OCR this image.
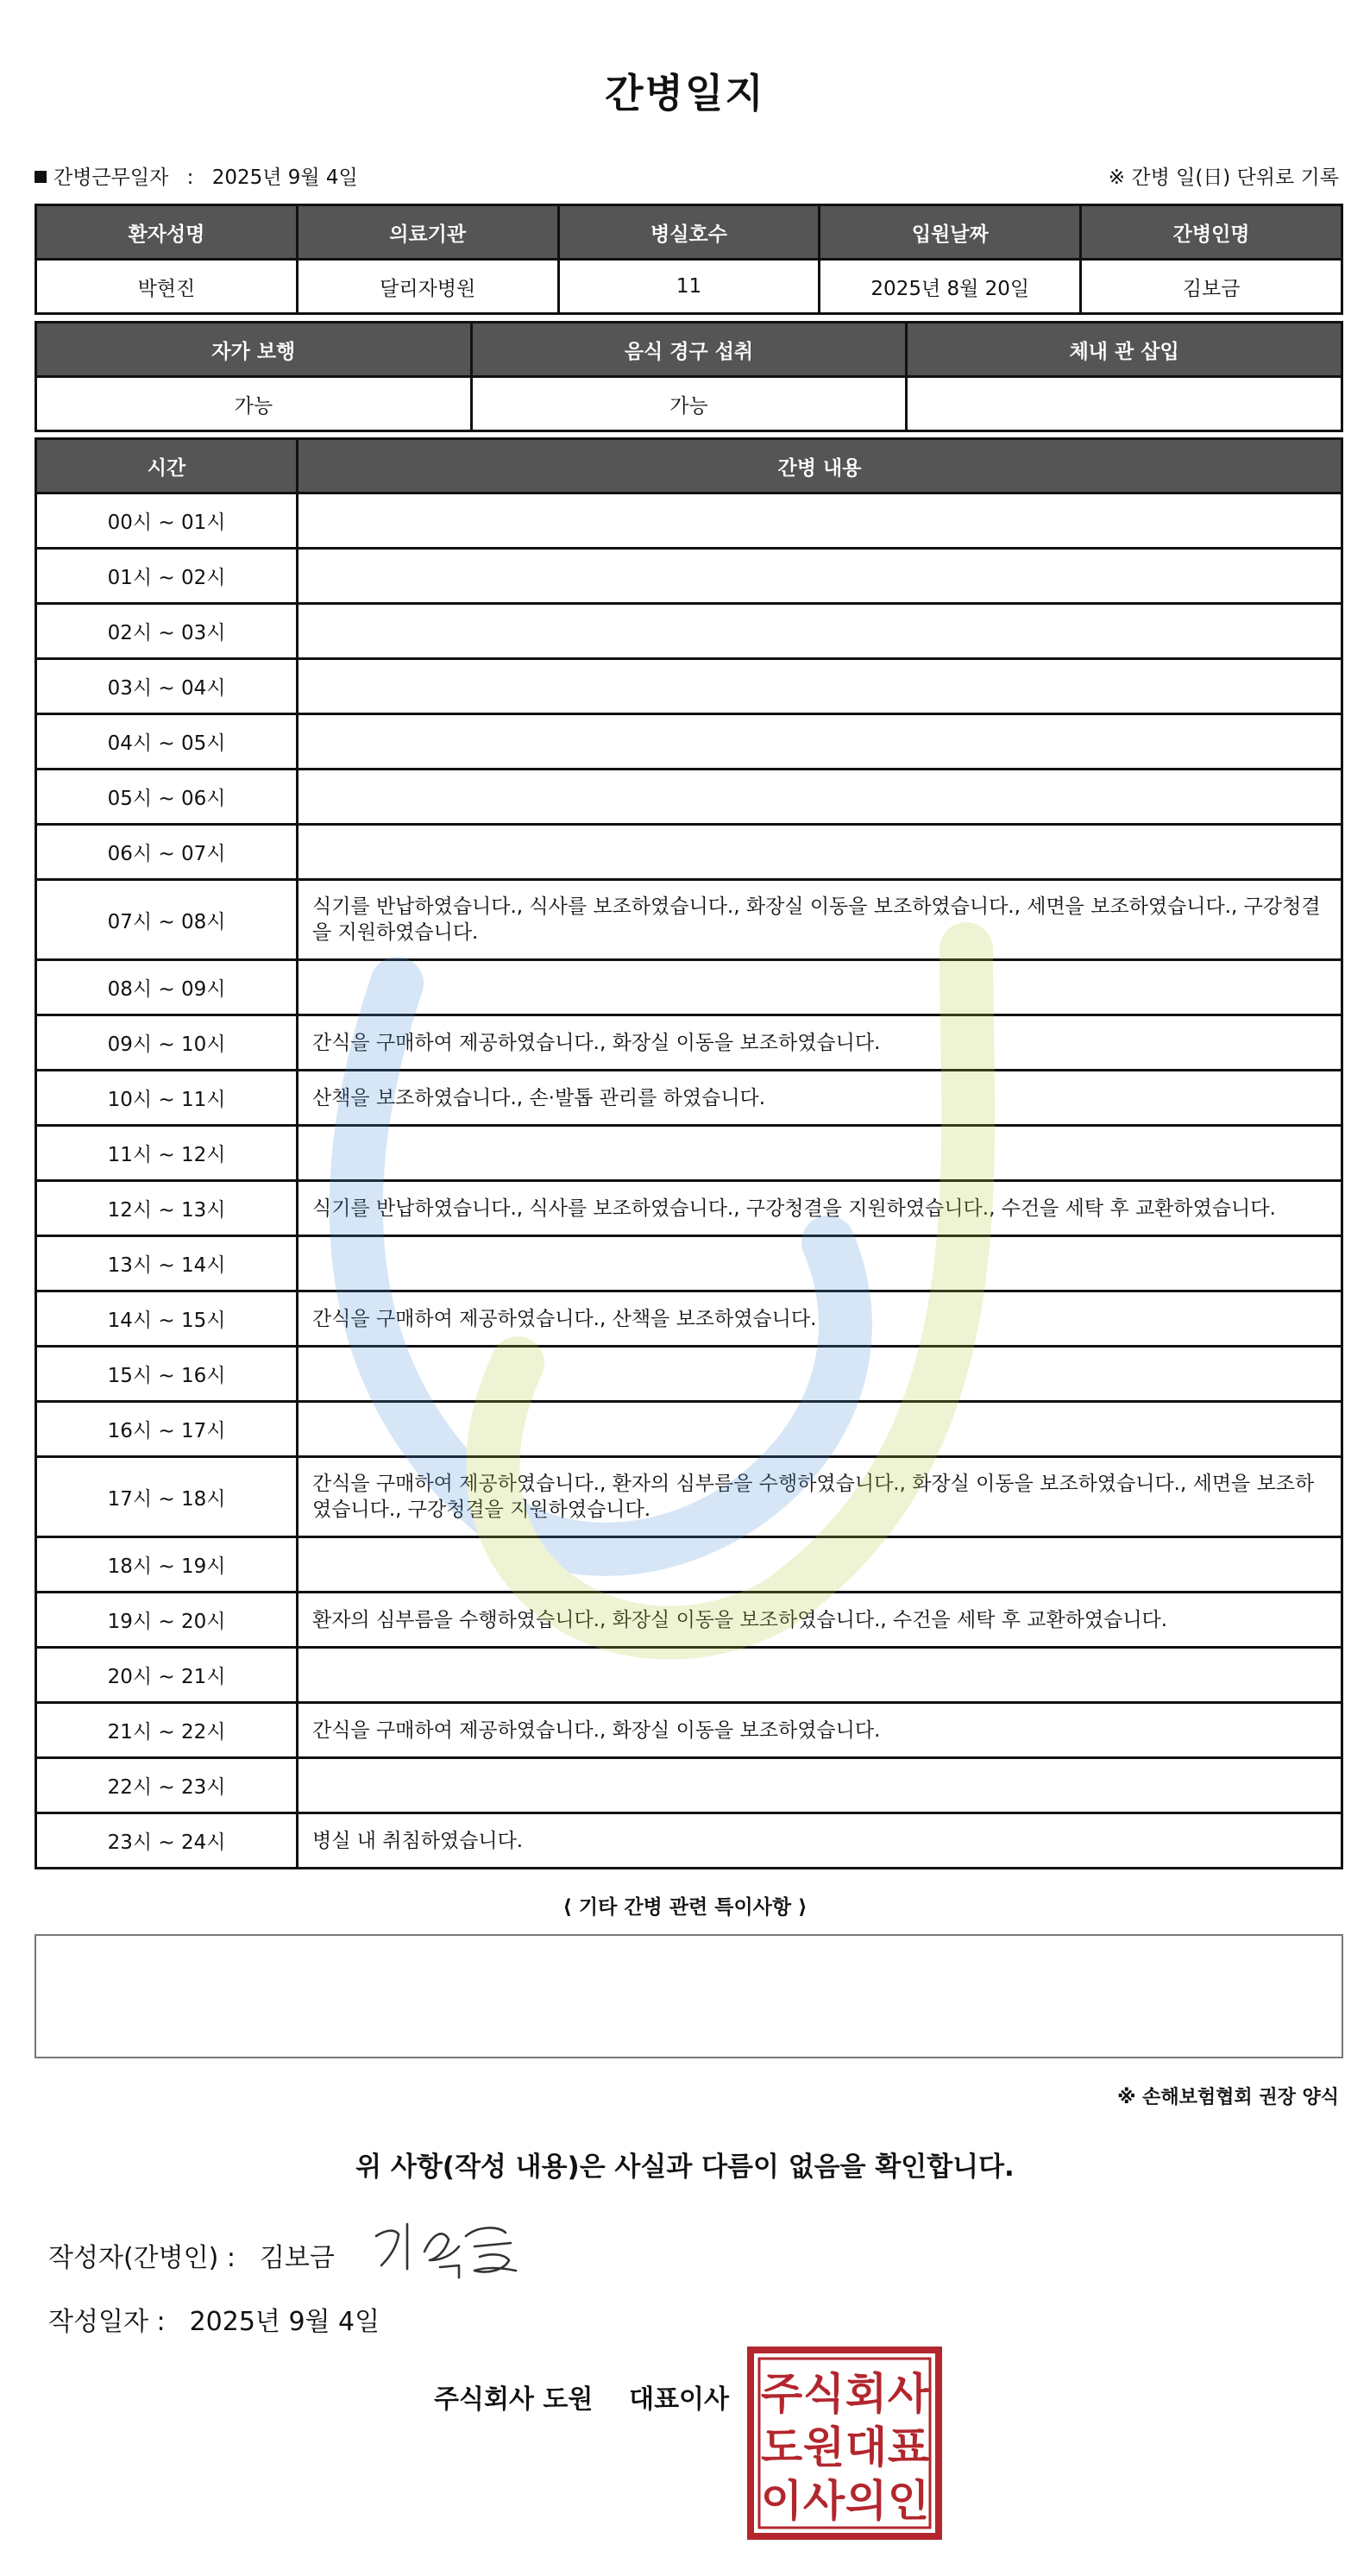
간병일지
간병근무일자 : 2025년 9월 4일	※ 간병 일(日) 단위로 기록
환자성명	의료기관	병실호수	입원날짜	간병인명
박현진	달리자병원	11	2025년 8월 20일	김보금
자가 보행	음식 경구 섭취	체내 관 삽입
가능	가능	
시간	간병 내용
00시 ~ 01시	
01시 ~ 02시	
02시 ~ 03시	
03시 ~ 04시	
04시 ~ 05시	
05시 ~ 06시	
06시 ~ 07시	
07시 ~ 08시	식기를 반납하였습니다., 식사를 보조하였습니다., 화장실 이동을 보조하였습니다., 세면을 보조하였습니다., 구강청결을 지원하였습니다.
08시 ~ 09시	
09시 ~ 10시	간식을 구매하여 제공하였습니다., 화장실 이동을 보조하였습니다.
10시 ~ 11시	산책을 보조하였습니다., 손·발톱 관리를 하였습니다.
11시 ~ 12시	
12시 ~ 13시	식기를 반납하였습니다., 식사를 보조하였습니다., 구강청결을 지원하였습니다., 수건을 세탁 후 교환하였습니다.
13시 ~ 14시	
14시 ~ 15시	간식을 구매하여 제공하였습니다., 산책을 보조하였습니다.
15시 ~ 16시	
16시 ~ 17시	
17시 ~ 18시	간식을 구매하여 제공하였습니다., 환자의 심부름을 수행하였습니다., 화장실 이동을 보조하였습니다., 세면을 보조하였습니다., 구강청결을 지원하였습니다.
18시 ~ 19시	
19시 ~ 20시	환자의 심부름을 수행하였습니다., 화장실 이동을 보조하였습니다., 수건을 세탁 후 교환하였습니다.
20시 ~ 21시	
21시 ~ 22시	간식을 구매하여 제공하였습니다., 화장실 이동을 보조하였습니다.
22시 ~ 23시	
23시 ~ 24시	병실 내 취침하였습니다.
⟨ 기타 간병 관련 특이사항 ⟩
※ 손해보험협회 권장 양식
위 사항(작성 내용)은 사실과 다름이 없음을 확인합니다.
작성자(간병인) : 김보금
작성일자 : 2025년 9월 4일
주식회사 도원    대표이사 주 식 회 사
도 원 대 표
이 사 의 인
